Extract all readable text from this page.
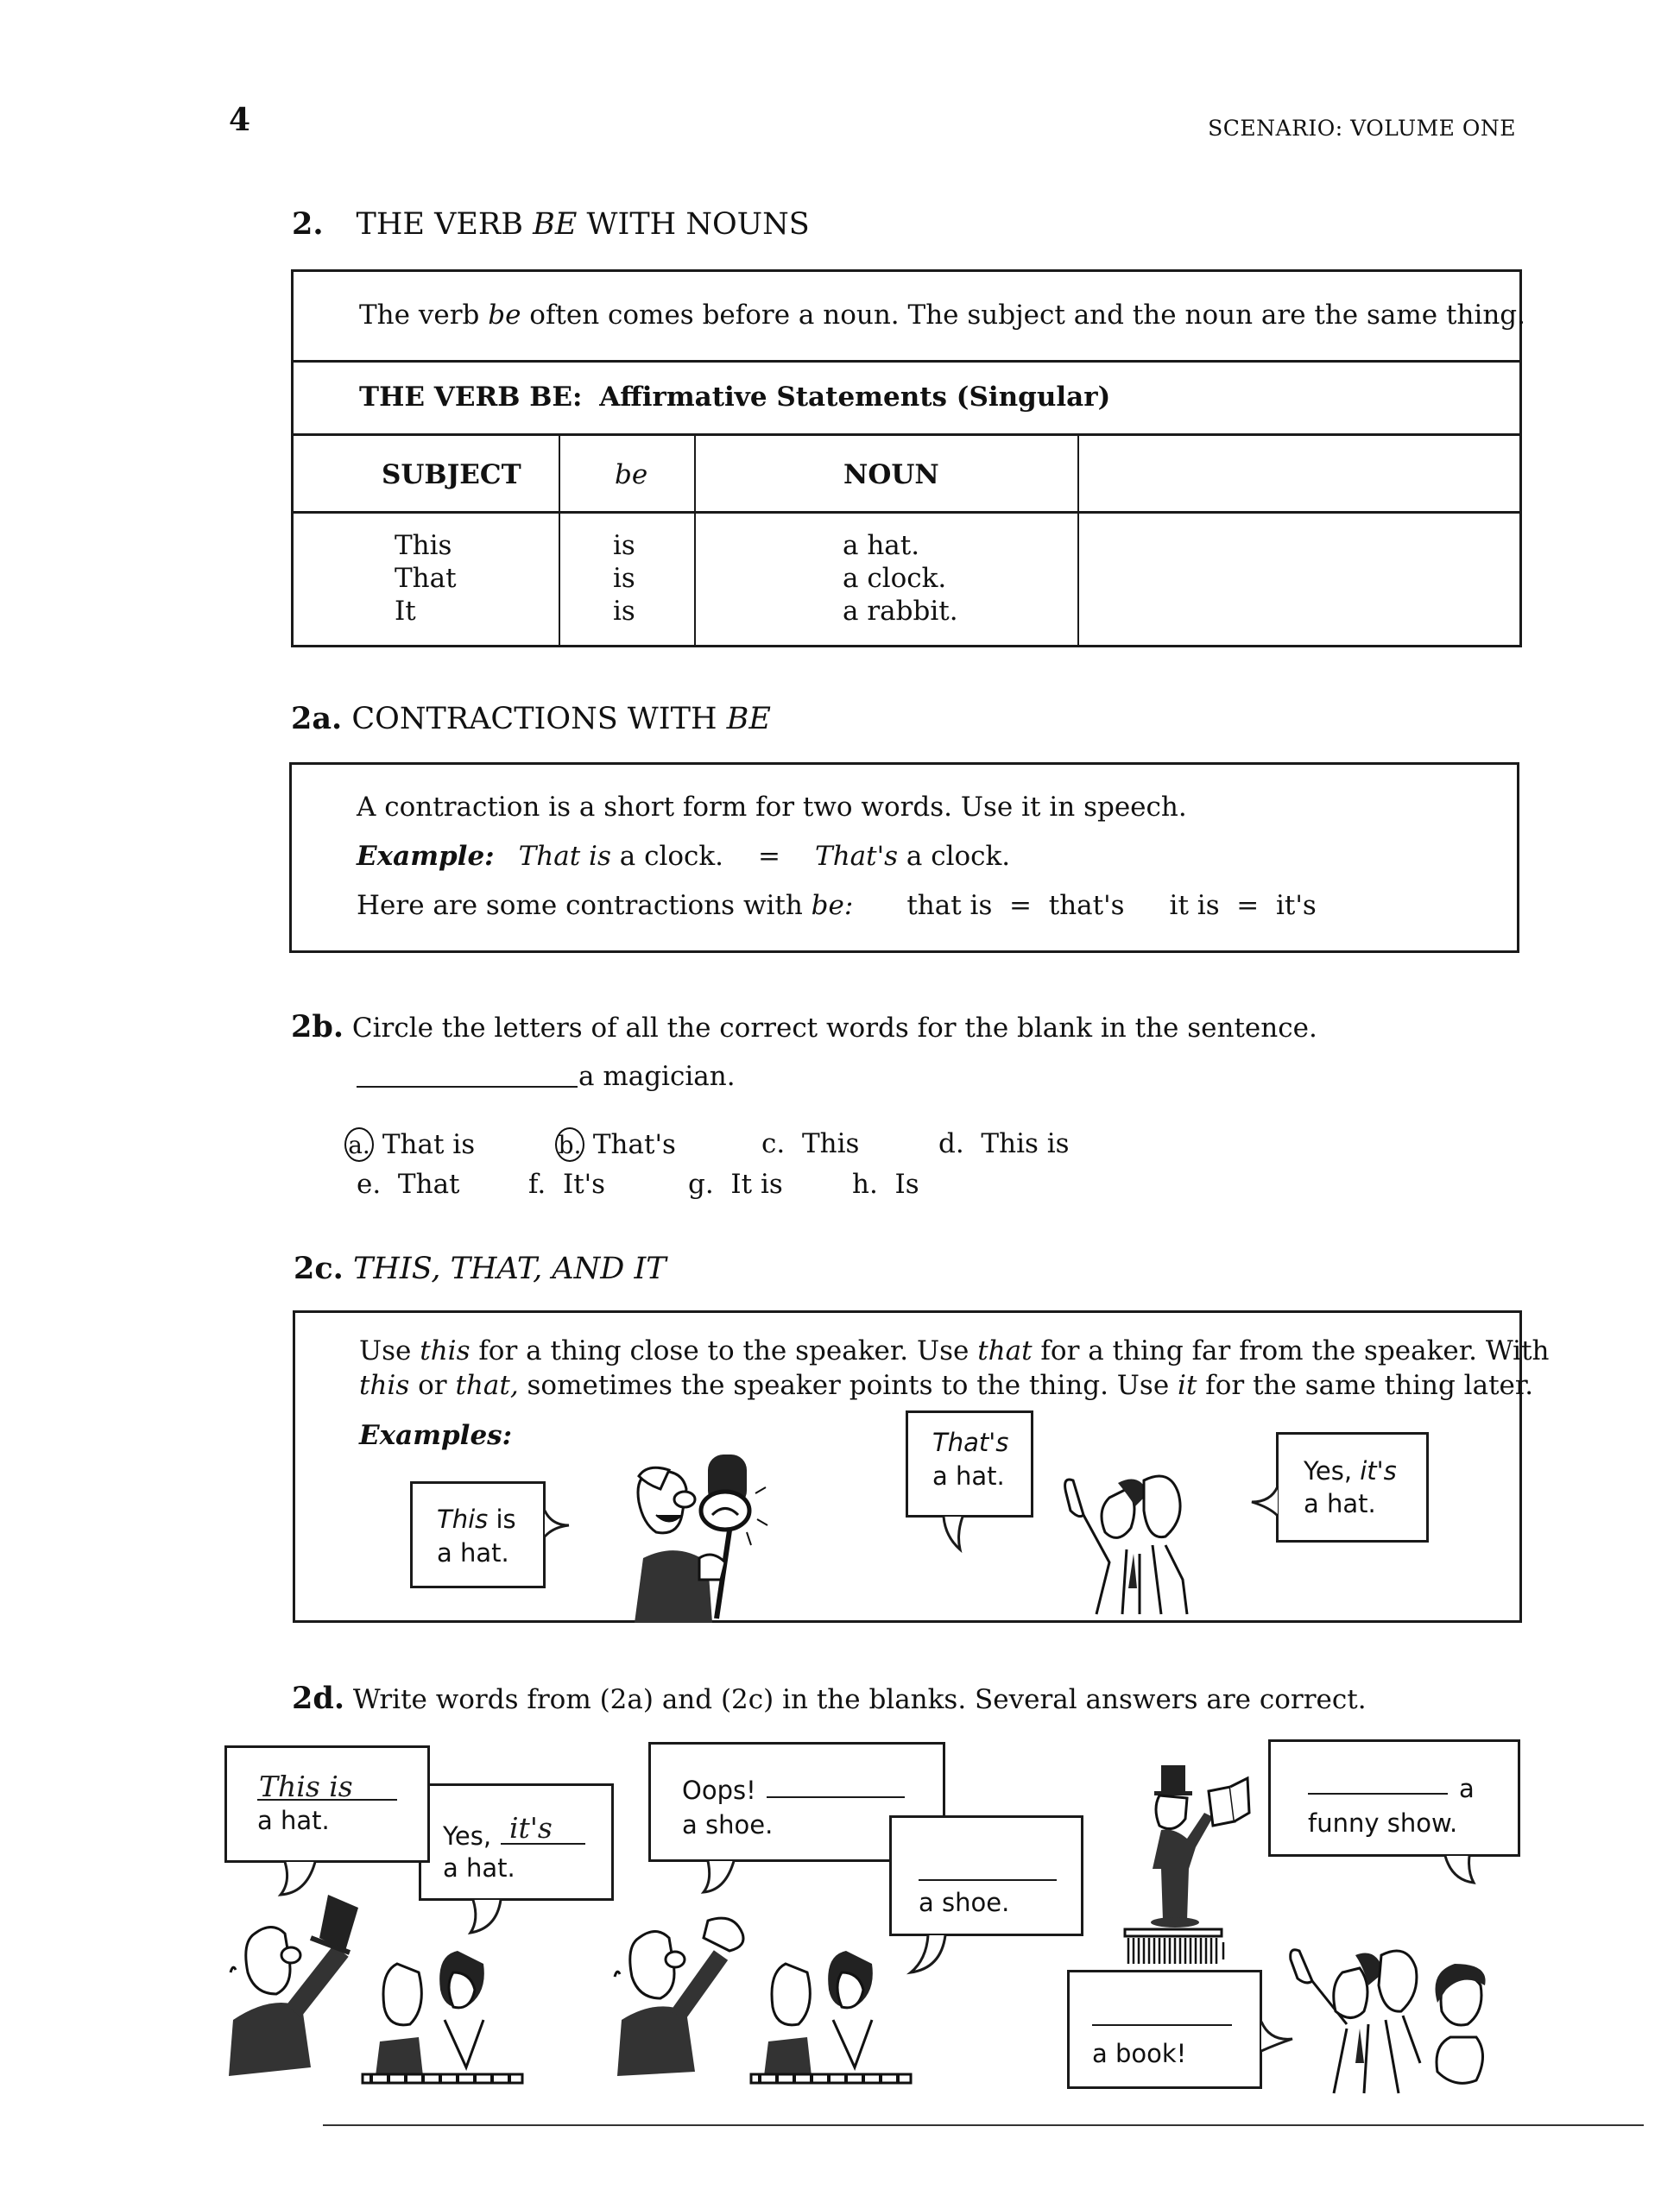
4	SCENARIO: VOLUME ONE
2. THE VERB BE WITH NOUNS
The verb be often comes before a noun. The subject and the noun are the same thing.
THE VERB BE: Affirmative Statements (Singular)
SUBJECT	be	NOUN
This	is	a hat.
That	is	a clock.
It	is	a rabbit.
2a. CONTRACTIONS WITH BE
A contraction is a short form for two words. Use it in speech.
Example: That is a clock. = That's a clock.
Here are some contractions with be: that is  =  that's it is  =  it's
2b. Circle the letters of all the correct words for the blank in the sentence.
a magician.
a. That is	b. That's	c. This	d. This is
e. That	f. It's	g. It is	h. Is
2c. THIS, THAT, AND IT
Use this for a thing close to the speaker. Use that for a thing far from the speaker. With
this or that, sometimes the speaker points to the thing. Use it for the same thing later.
Examples:
This is
a hat.
That's
a hat.	Yes, it's
a hat.
2d. Write words from (2a) and (2c) in the blanks. Several answers are correct.
This is
a hat.
Yes, it's
a hat.
Oops!
a shoe.
a shoe.
a
funny show.
a book!
